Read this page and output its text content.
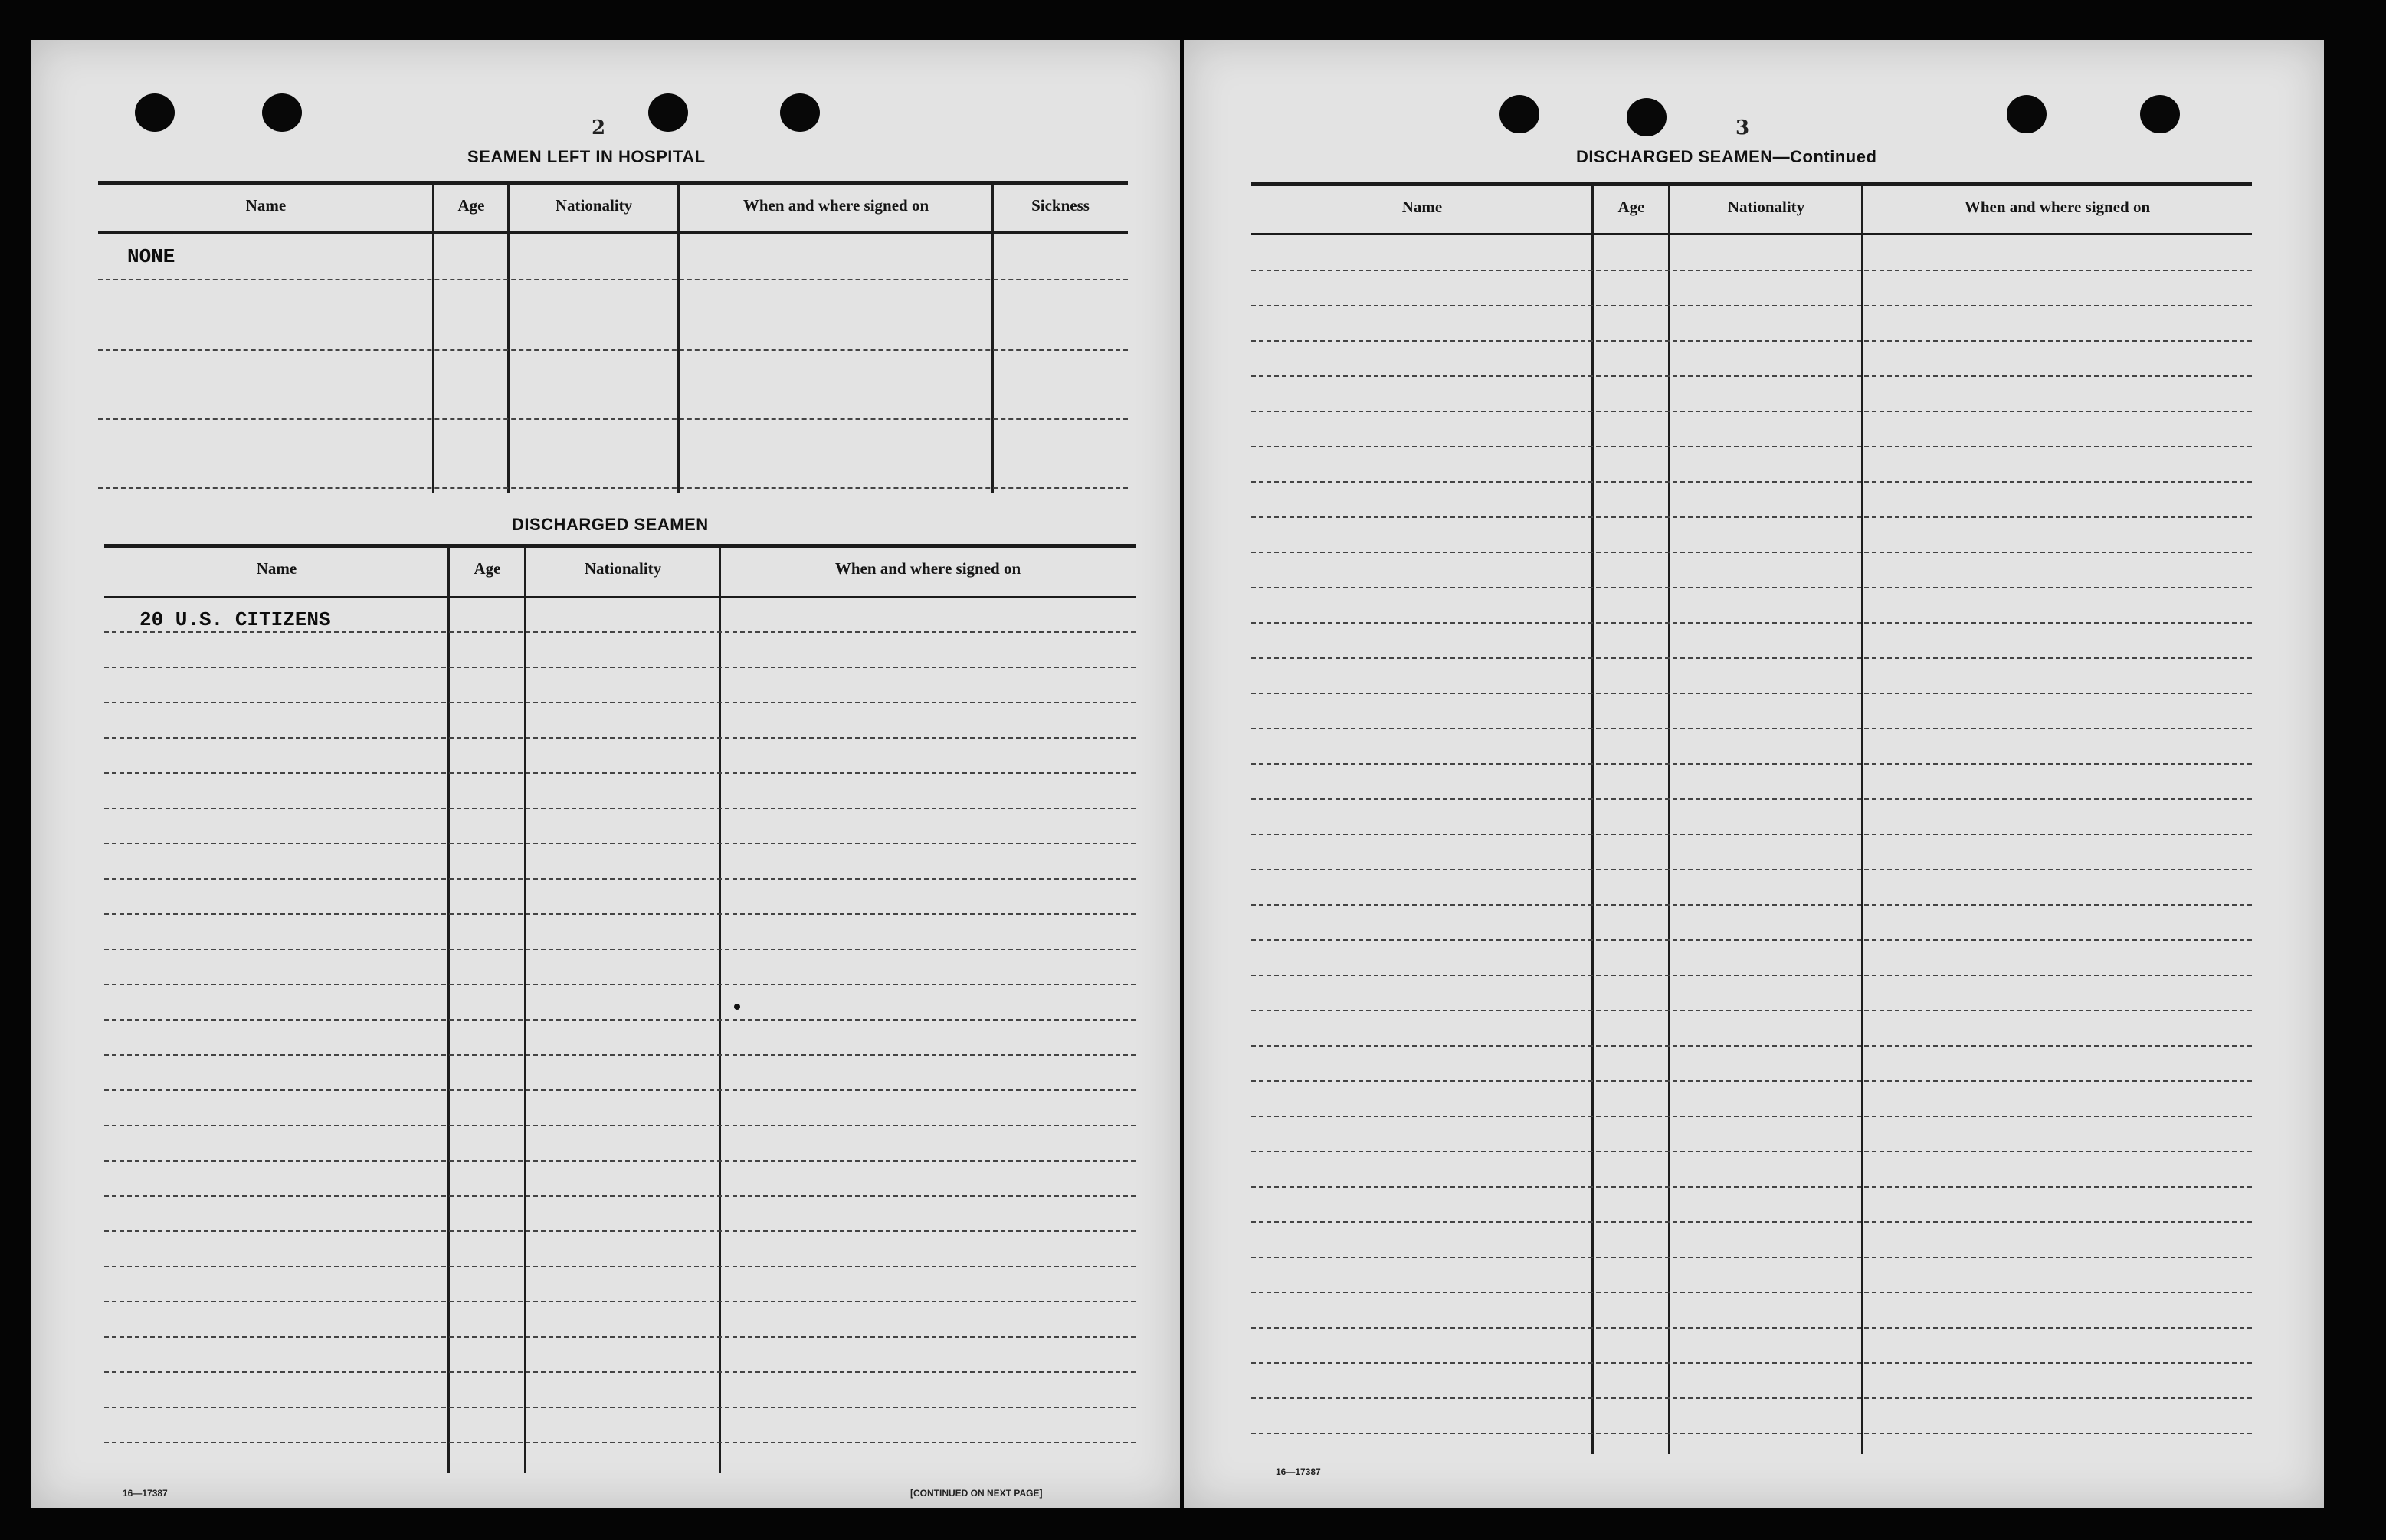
2
SEAMEN LEFT IN HOSPITAL
Name	Age	Nationality	When and where signed on	Sickness
NONE
DISCHARGED SEAMEN
Name	Age	Nationality	When and where signed on
20 U.S. CITIZENS
16—17387	[CONTINUED ON NEXT PAGE]
3
DISCHARGED SEAMEN—Continued
Name	Age	Nationality	When and where signed on
16—17387
